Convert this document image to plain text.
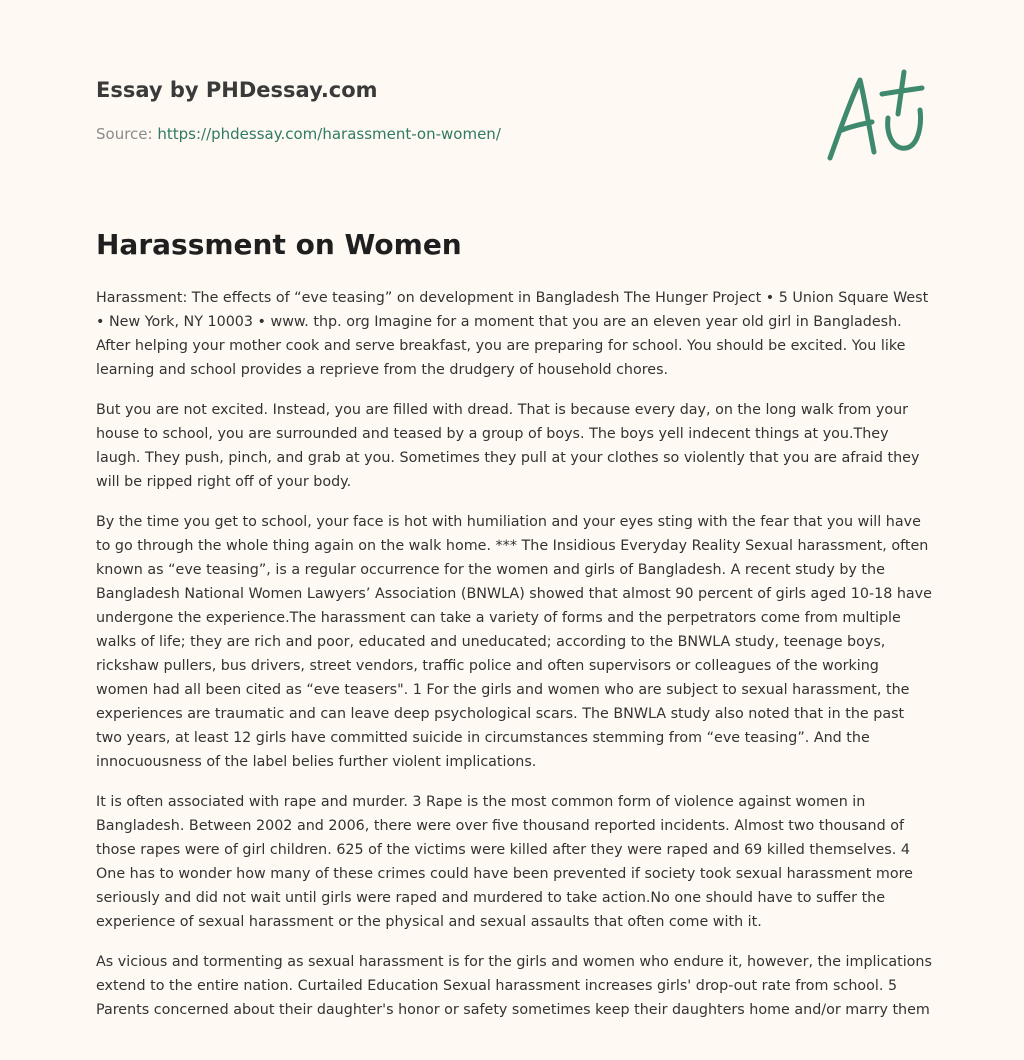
Essay by PHDessay.com
Source: https://phdessay.com/harassment-on-women/
Harassment on Women

Harassment: The effects of “eve teasing” on development in Bangladesh The Hunger Project • 5 Union Square West • New York, NY 10003 • www. thp. org Imagine for a moment that you are an eleven year old girl in Bangladesh. After helping your mother cook and serve breakfast, you are preparing for school. You should be excited. You like learning and school provides a reprieve from the drudgery of household chores.

But you are not excited. Instead, you are filled with dread. That is because every day, on the long walk from your house to school, you are surrounded and teased by a group of boys. The boys yell indecent things at you.They laugh. They push, pinch, and grab at you. Sometimes they pull at your clothes so violently that you are afraid they will be ripped right off of your body.

By the time you get to school, your face is hot with humiliation and your eyes sting with the fear that you will have to go through the whole thing again on the walk home. *** The Insidious Everyday Reality Sexual harassment, often known as “eve teasing”, is a regular occurrence for the women and girls of Bangladesh. A recent study by the Bangladesh National Women Lawyers’ Association (BNWLA) showed that almost 90 percent of girls aged 10-18 have undergone the experience.The harassment can take a variety of forms and the perpetrators come from multiple walks of life; they are rich and poor, educated and uneducated; according to the BNWLA study, teenage boys, rickshaw pullers, bus drivers, street vendors, traffic police and often supervisors or colleagues of the working women had all been cited as “eve teasers". 1 For the girls and women who are subject to sexual harassment, the experiences are traumatic and can leave deep psychological scars. The BNWLA study also noted that in the past two years, at least 12 girls have committed suicide in circumstances stemming from “eve teasing”. And the innocuousness of the label belies further violent implications.

It is often associated with rape and murder. 3 Rape is the most common form of violence against women in Bangladesh. Between 2002 and 2006, there were over five thousand reported incidents. Almost two thousand of those rapes were of girl children. 625 of the victims were killed after they were raped and 69 killed themselves. 4 One has to wonder how many of these crimes could have been prevented if society took sexual harassment more seriously and did not wait until girls were raped and murdered to take action.No one should have to suffer the experience of sexual harassment or the physical and sexual assaults that often come with it.

As vicious and tormenting as sexual harassment is for the girls and women who endure it, however, the implications extend to the entire nation. Curtailed Education Sexual harassment increases girls' drop-out rate from school. 5 Parents concerned about their daughter's honor or safety sometimes keep their daughters home and/or marry them
